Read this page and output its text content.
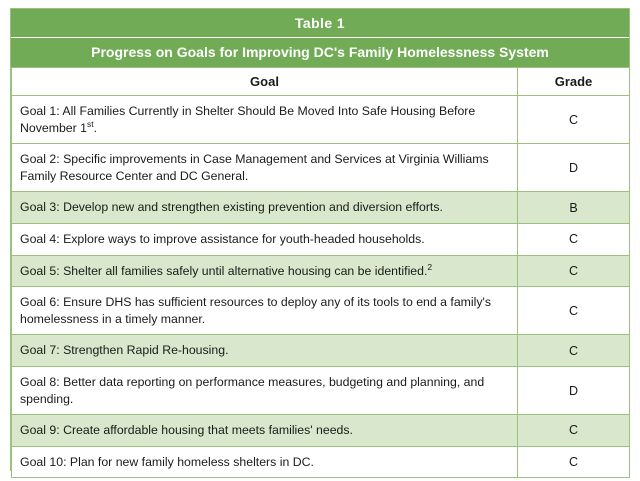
Table 1
Progress on Goals for Improving DC's Family Homelessness System
Goal	Grade
Goal 1: All Families Currently in Shelter Should Be Moved Into Safe Housing Before November 1st.	C
Goal 2: Specific improvements in Case Management and Services at Virginia Williams Family Resource Center and DC General.	D
Goal 3: Develop new and strengthen existing prevention and diversion efforts.	B
Goal 4: Explore ways to improve assistance for youth-headed households.	C
Goal 5: Shelter all families safely until alternative housing can be identified.$^2$	C
Goal 6: Ensure DHS has sufficient resources to deploy any of its tools to end a family's homelessness in a timely manner.	C
Goal 7: Strengthen Rapid Re-housing.	C
Goal 8: Better data reporting on performance measures, budgeting and planning, and spending.	D
Goal 9: Create affordable housing that meets families' needs.	C
Goal 10: Plan for new family homeless shelters in DC.	C
